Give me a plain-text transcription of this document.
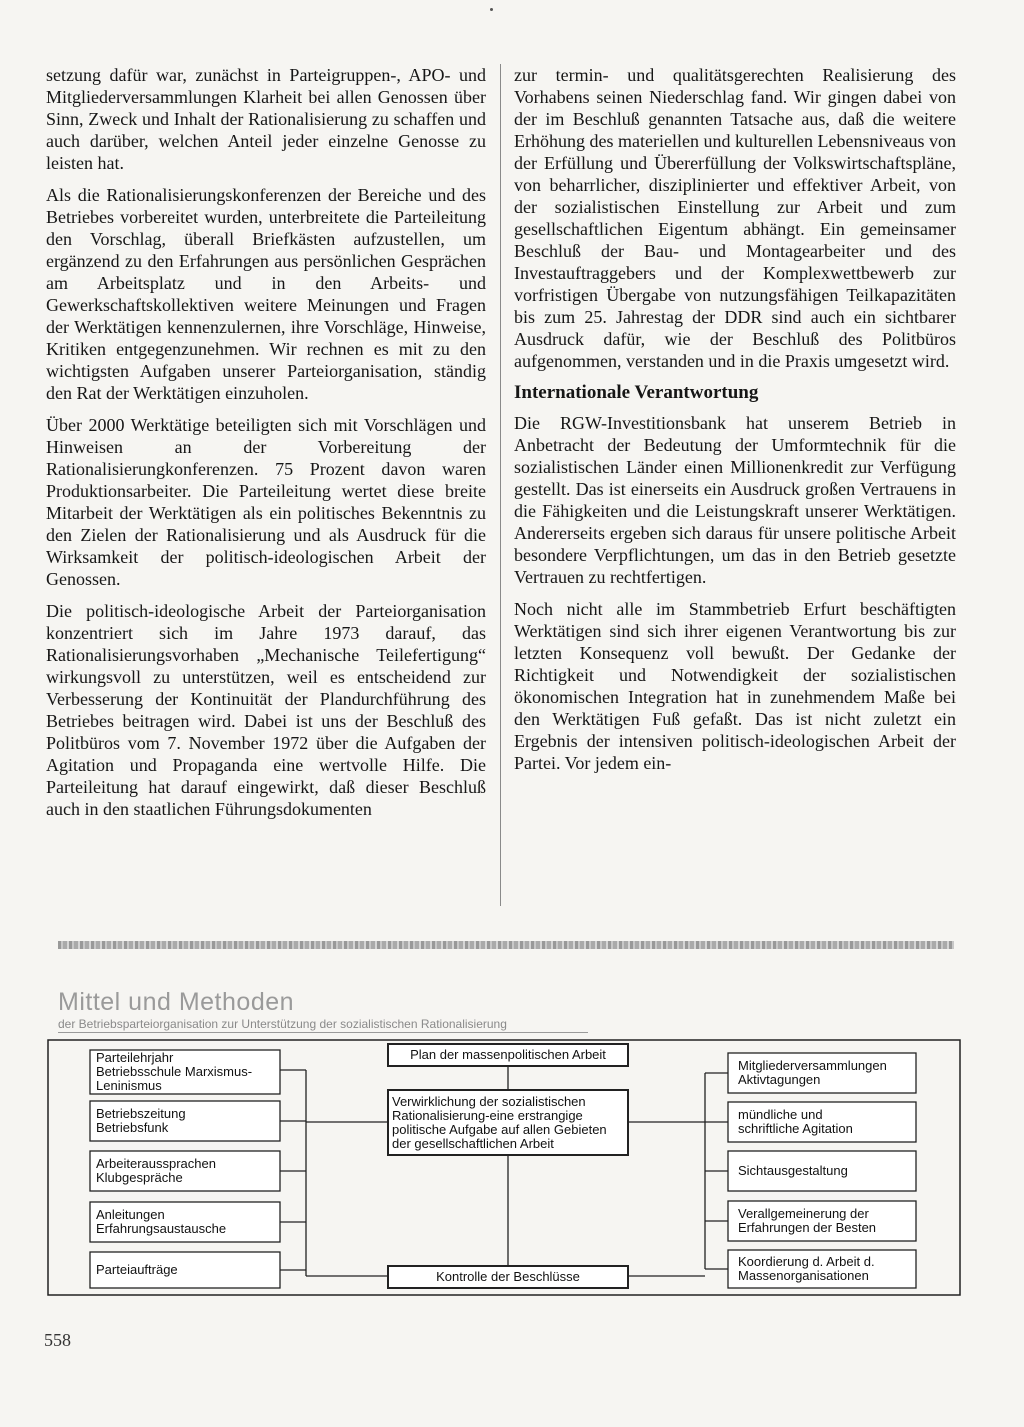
setzung dafür war, zunächst in Parteigruppen-, APO- und Mitgliederversammlungen Klarheit bei allen Genossen über Sinn, Zweck und Inhalt der Rationalisierung zu schaffen und auch darüber, welchen Anteil jeder einzelne Genosse zu leisten hat.

Als die Rationalisierungskonferenzen der Bereiche und des Betriebes vorbereitet wurden, unterbreitete die Parteileitung den Vorschlag, überall Briefkästen aufzustellen, um ergänzend zu den Erfahrungen aus persönlichen Gesprächen am Arbeitsplatz und in den Arbeits- und Gewerkschaftskollektiven weitere Meinungen und Fragen der Werktätigen kennenzulernen, ihre Vorschläge, Hinweise, Kritiken entgegenzunehmen. Wir rechnen es mit zu den wichtigsten Aufgaben unserer Parteiorganisation, ständig den Rat der Werktätigen einzuholen.

Über 2000 Werktätige beteiligten sich mit Vorschlägen und Hinweisen an der Vorbereitung der Rationalisierungkonferenzen. 75 Prozent davon waren Produktionsarbeiter. Die Parteileitung wertet diese breite Mitarbeit der Werktätigen als ein politisches Bekenntnis zu den Zielen der Rationalisierung und als Ausdruck für die Wirksamkeit der politisch-ideologischen Arbeit der Genossen.

Die politisch-ideologische Arbeit der Parteiorganisation konzentriert sich im Jahre 1973 darauf, das Rationalisierungsvorhaben „Mechanische Teilefertigung“ wirkungsvoll zu unterstützen, weil es entscheidend zur Verbesserung der Kontinuität der Plandurchführung des Betriebes beitragen wird. Dabei ist uns der Beschluß des Politbüros vom 7. November 1972 über die Aufgaben der Agitation und Propaganda eine wertvolle Hilfe. Die Parteileitung hat darauf eingewirkt, daß dieser Beschluß auch in den staatlichen Führungsdokumenten

zur termin- und qualitätsgerechten Realisierung des Vorhabens seinen Niederschlag fand. Wir gingen dabei von der im Beschluß genannten Tatsache aus, daß die weitere Erhöhung des materiellen und kulturellen Lebensniveaus von der Erfüllung und Übererfüllung der Volkswirtschaftspläne, von beharrlicher, disziplinierter und effektiver Arbeit, von der sozialistischen Einstellung zur Arbeit und zum gesellschaftlichen Eigentum abhängt. Ein gemeinsamer Beschluß der Bau- und Montagearbeiter und des Investauftraggebers und der Komplexwettbewerb zur vorfristigen Übergabe von nutzungsfähigen Teilkapazitäten bis zum 25. Jahrestag der DDR sind auch ein sichtbarer Ausdruck dafür, wie der Beschluß des Politbüros aufgenommen, verstanden und in die Praxis umgesetzt wird.

Internationale Verantwortung

Die RGW-Investitionsbank hat unserem Betrieb in Anbetracht der Bedeutung der Umformtechnik für die sozialistischen Länder einen Millionenkredit zur Verfügung gestellt. Das ist einerseits ein Ausdruck großen Vertrauens in die Fähigkeiten und die Leistungskraft unserer Werktätigen. Andererseits ergeben sich daraus für unsere politische Arbeit besondere Verpflichtungen, um das in den Betrieb gesetzte Vertrauen zu rechtfertigen.

Noch nicht alle im Stammbetrieb Erfurt beschäftigten Werktätigen sind sich ihrer eigenen Verantwortung bis zur letzten Konsequenz voll bewußt. Der Gedanke der Richtigkeit und Notwendigkeit der sozialistischen ökonomischen Integration hat in zunehmendem Maße bei den Werktätigen Fuß gefaßt. Das ist nicht zuletzt ein Ergebnis der intensiven politisch-ideologischen Arbeit der Partei. Vor jedem ein-

Mittel und Methoden
der Betriebsparteiorganisation zur Unterstützung der sozialistischen Rationalisierung
Parteilehrjahr
Betriebsschule Marxismus-
Leninismus
Betriebszeitung
Betriebsfunk
Arbeiteraussprachen
Klubgespräche
Anleitungen
Erfahrungsaustausche
Parteiaufträge
Plan der massenpolitischen Arbeit
Verwirklichung der sozialistischen
Rationalisierung-eine erstrangige
politische Aufgabe auf allen Gebieten
der gesellschaftlichen Arbeit
Kontrolle der Beschlüsse
Mitgliederversammlungen
Aktivtagungen
mündliche und
schriftliche Agitation
Sichtausgestaltung
Verallgemeinerung der
Erfahrungen der Besten
Koordierung d. Arbeit d.
Massenorganisationen
558
